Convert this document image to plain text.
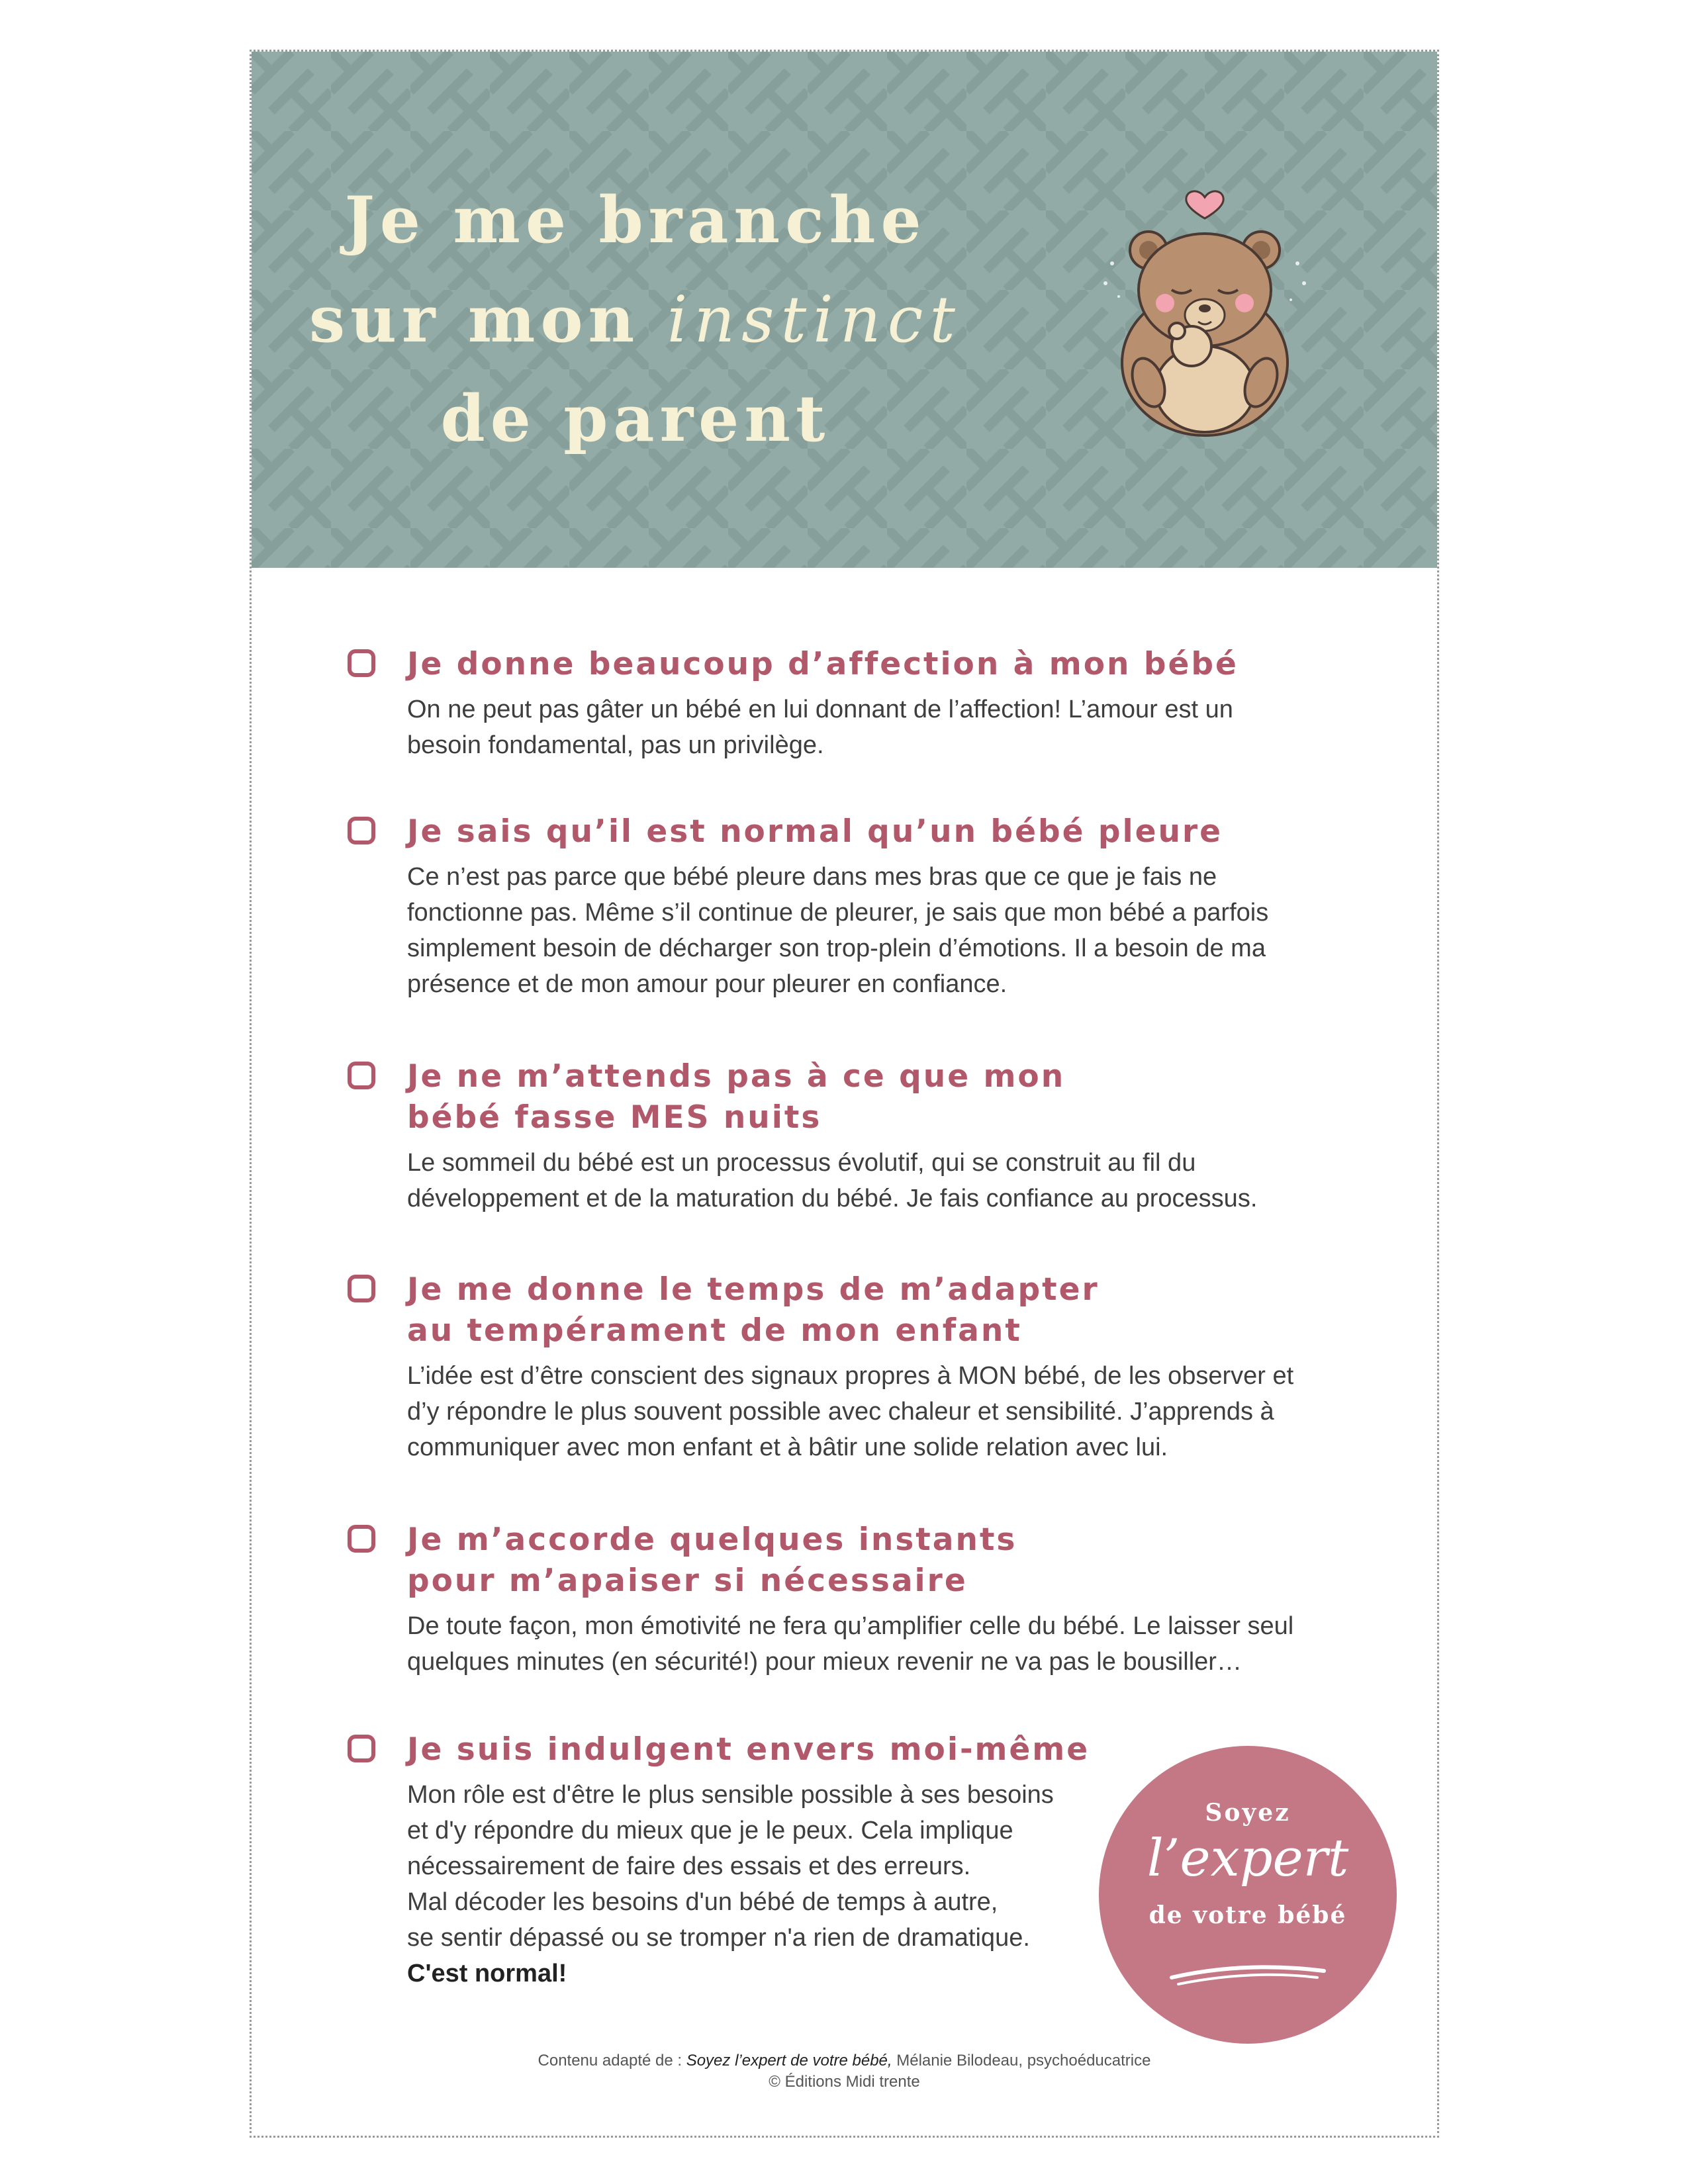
Je me branche
sur mon instinct
de parent
Je donne beaucoup d’affection à mon bébé
On ne peut pas gâter un bébé en lui donnant de l’affection! L’amour est un
besoin fondamental, pas un privilège.
Je sais qu’il est normal qu’un bébé pleure
Ce n’est pas parce que bébé pleure dans mes bras que ce que je fais ne
fonctionne pas. Même s’il continue de pleurer, je sais que mon bébé a parfois
simplement besoin de décharger son trop-plein d’émotions. Il a besoin de ma
présence et de mon amour pour pleurer en confiance.
Je ne m’attends pas à ce que mon
bébé fasse MES nuits
Le sommeil du bébé est un processus évolutif, qui se construit au fil du
développement et de la maturation du bébé. Je fais confiance au processus.
Je me donne le temps de m’adapter
au tempérament de mon enfant
L’idée est d’être conscient des signaux propres à MON bébé, de les observer et
d’y répondre le plus souvent possible avec chaleur et sensibilité. J’apprends à
communiquer avec mon enfant et à bâtir une solide relation avec lui.
Je m’accorde quelques instants
pour m’apaiser si nécessaire
De toute façon, mon émotivité ne fera qu’amplifier celle du bébé. Le laisser seul
quelques minutes (en sécurité!) pour mieux revenir ne va pas le bousiller…
Je suis indulgent envers moi-même
Mon rôle est d'être le plus sensible possible à ses besoins
et d'y répondre du mieux que je le peux. Cela implique
nécessairement de faire des essais et des erreurs.
Mal décoder les besoins d'un bébé de temps à autre,
se sentir dépassé ou se tromper n'a rien de dramatique.
C'est normal!
Soyez
l’expert
de votre bébé
Contenu adapté de : Soyez l’expert de votre bébé, Mélanie Bilodeau, psychoéducatrice
© Éditions Midi trente
